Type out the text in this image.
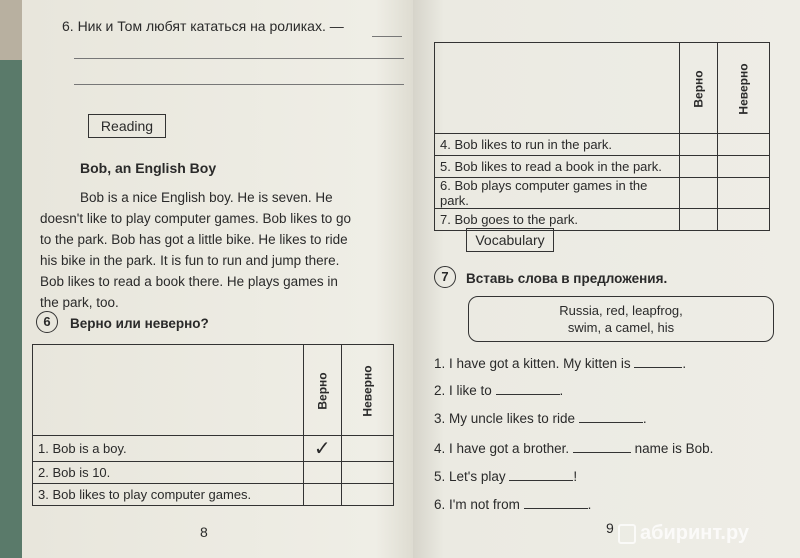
6. Ник и Том любят кататься на роликах. —
Reading
Bob, an English Boy
Bob is a nice English boy. He is seven. He
doesn't like to play computer games. Bob likes to go
to the park. Bob has got a little bike. He likes to ride
his bike in the park. It is fun to run and jump there.
Bob likes to read a book there. He plays games in
the park, too.
6	Верно или неверно?
	Верно	Неверно
1. Bob is a boy.	✓	
2. Bob is 10.		
3. Bob likes to play computer games.		
8
	Верно	Неверно
4. Bob likes to run in the park.		
5. Bob likes to read a book in the park.		
6. Bob plays computer games in the park.		
7. Bob goes to the park.		
Vocabulary
7	Вставь слова в предложения.
Russia, red, leapfrog,
swim, a camel, his
1. I have got a kitten. My kitten is	.
2. I like to	.
3. My uncle likes to ride	.
4. I have got a brother.	name is Bob.
5. Let's play	!
6. I'm not from	.
9 абиринт.ру
